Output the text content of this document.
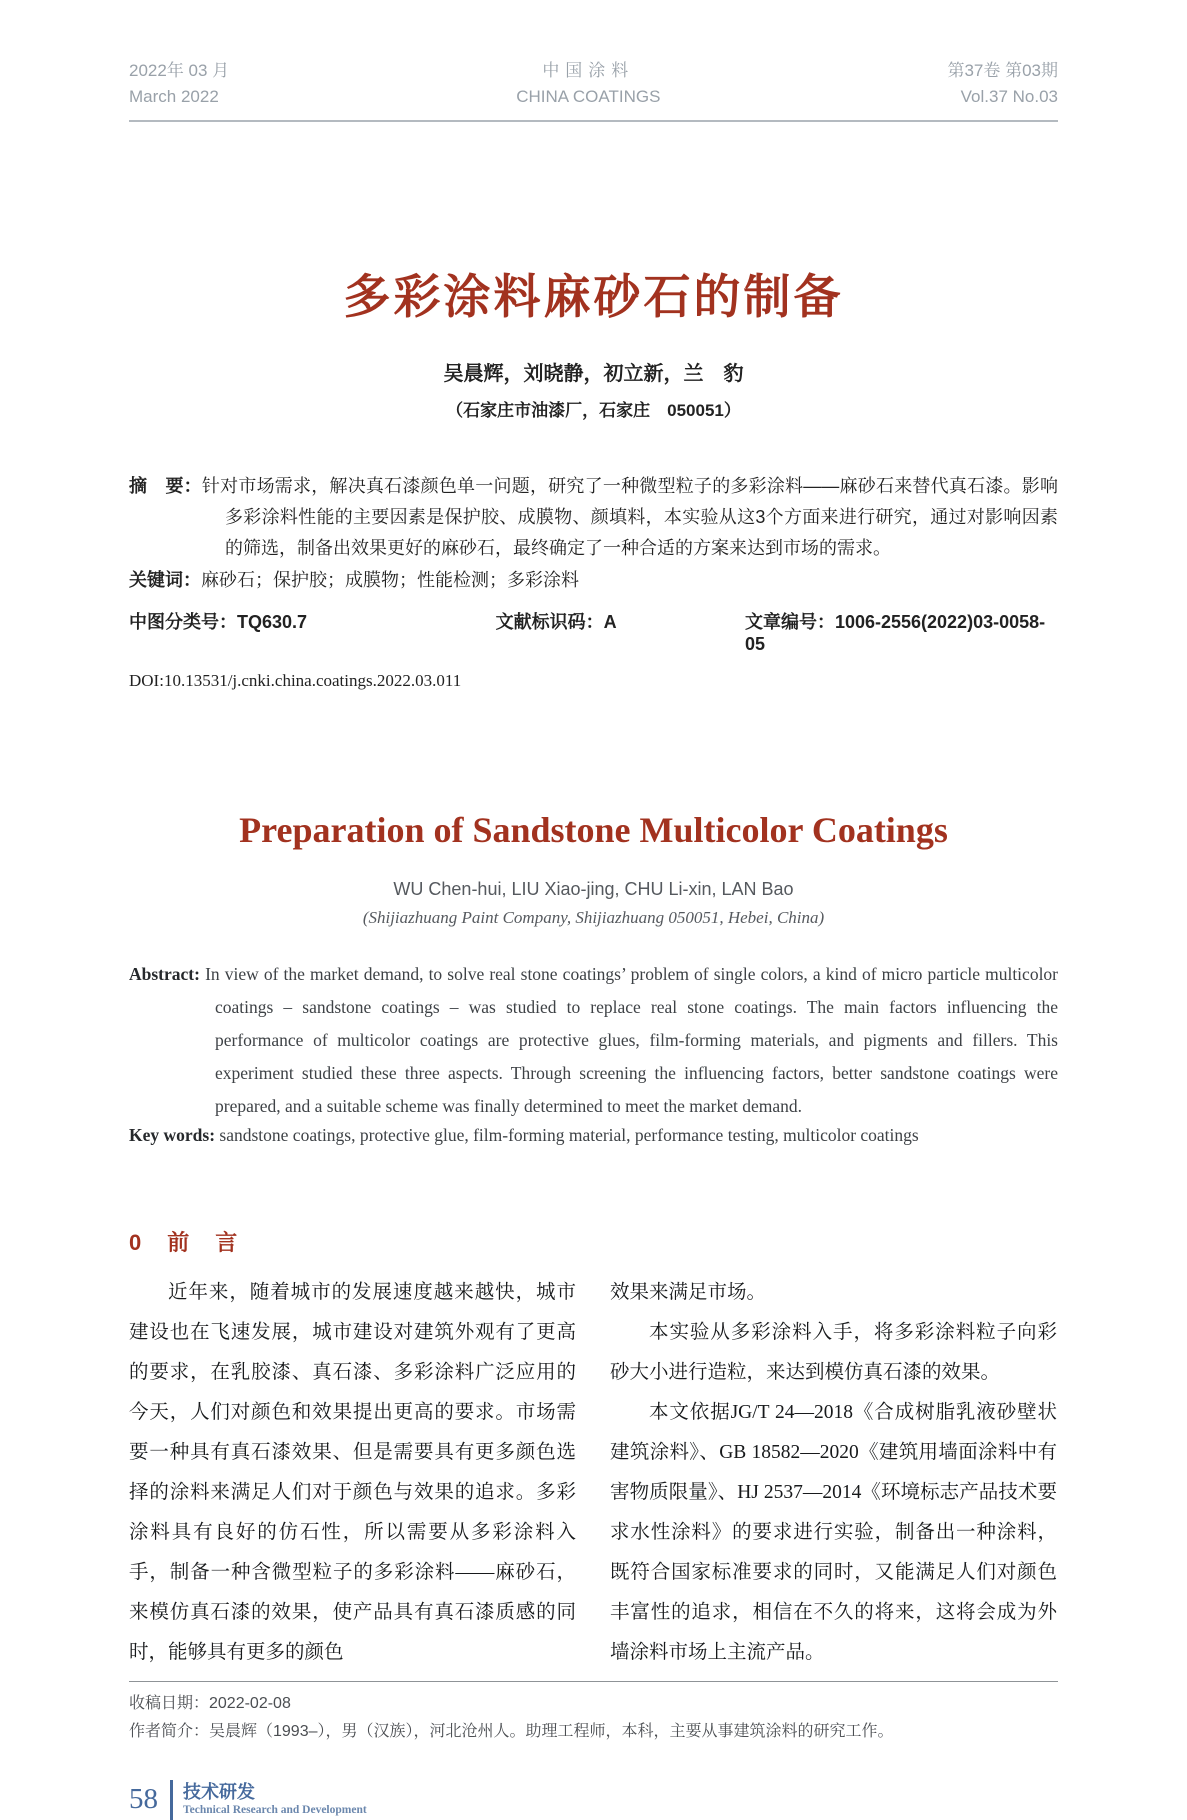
2022年 03 月
March 2022
中国涂料
CHINA COATINGS
第37卷 第03期
Vol.37 No.03
多彩涂料麻砂石的制备
吴晨辉，刘晓静，初立新，兰　豹
（石家庄市油漆厂，石家庄　050051）
摘　要：针对市场需求，解决真石漆颜色单一问题，研究了一种微型粒子的多彩涂料——麻砂石来替代真石漆。影响多彩涂料性能的主要因素是保护胶、成膜物、颜填料，本实验从这3个方面来进行研究，通过对影响因素的筛选，制备出效果更好的麻砂石，最终确定了一种合适的方案来达到市场的需求。
关键词：麻砂石；保护胶；成膜物；性能检测；多彩涂料
中图分类号：TQ630.7	文献标识码：A	文章编号：1006-2556(2022)03-0058-05
DOI:10.13531/j.cnki.china.coatings.2022.03.011
Preparation of Sandstone Multicolor Coatings
WU Chen-hui, LIU Xiao-jing, CHU Li-xin, LAN Bao
(Shijiazhuang Paint Company, Shijiazhuang 050051, Hebei, China)
Abstract: In view of the market demand, to solve real stone coatings’ problem of single colors, a kind of micro particle multicolor coatings – sandstone coatings – was studied to replace real stone coatings. The main factors influencing the performance of multicolor coatings are protective glues, film-forming materials, and pigments and fillers. This experiment studied these three aspects. Through screening the influencing factors, better sandstone coatings were prepared, and a suitable scheme was finally determined to meet the market demand.
Key words: sandstone coatings, protective glue, film-forming material, performance testing, multicolor coatings
0 前言

近年来，随着城市的发展速度越来越快，城市建设也在飞速发展，城市建设对建筑外观有了更高的要求，在乳胶漆、真石漆、多彩涂料广泛应用的今天，人们对颜色和效果提出更高的要求。市场需要一种具有真石漆效果、但是需要具有更多颜色选择的涂料来满足人们对于颜色与效果的追求。多彩涂料具有良好的仿石性，所以需要从多彩涂料入手，制备一种含微型粒子的多彩涂料——麻砂石，来模仿真石漆的效果，使产品具有真石漆质感的同时，能够具有更多的颜色

效果来满足市场。

本实验从多彩涂料入手，将多彩涂料粒子向彩砂大小进行造粒，来达到模仿真石漆的效果。

本文依据JG/T 24—2018《合成树脂乳液砂壁状建筑涂料》、GB 18582—2020《建筑用墙面涂料中有害物质限量》、HJ 2537—2014《环境标志产品技术要求水性涂料》的要求进行实验，制备出一种涂料，既符合国家标准要求的同时，又能满足人们对颜色丰富性的追求，相信在不久的将来，这将会成为外墙涂料市场上主流产品。

收稿日期：2022-02-08
作者简介：吴晨辉（1993–），男（汉族），河北沧州人。助理工程师，本科，主要从事建筑涂料的研究工作。
58 技术研发
Technical Research and Development
